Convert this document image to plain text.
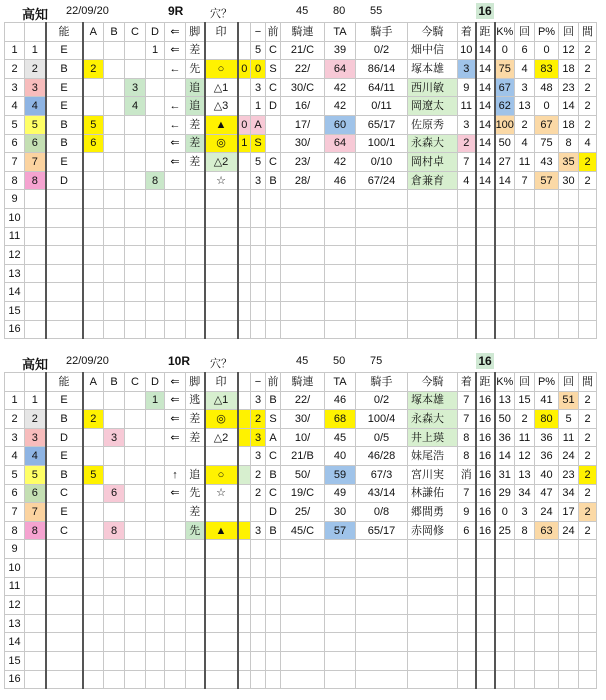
高知 22/09/20	9R 穴？	45 80 55	16
		能	A	B	C	D	⇐	脚	印		−	前	騎連	TA	騎手	今騎	着	距	K%	回	P%	回	間
1	1	E				1	⇐	差			5	C	21/C	39	0/2	畑中信	10	14	0	6	0	12	2
2	2	B	2				←	先	○	0	0	S	22/	64	86/14	塚本雄	3	14	75	4	83	18	2
3	3	E			3			追	△1		3	C	30/C	42	64/11	西川敏	9	14	67	3	48	23	2
4	4	E			4		←	追	△3		1	D	16/	42	0/11	岡遼太	11	14	62	13	0	14	2
5	5	B	5				←	差	▲	0	A		17/	60	65/17	佐原秀	3	14	100	2	67	18	2
6	6	B	6				⇐	差	◎	1	S		30/	64	100/1	永森大	2	14	50	4	75	8	4
7	7	E					⇐	差	△2		5	C	23/	42	0/10	岡村卓	7	14	27	11	43	35	2
8	8	D				8			☆		3	B	28/	46	67/24	倉兼育	4	14	14	7	57	30	2
9																							
10																							
11																							
12																							
13																							
14																							
15																							
16																							
高知 22/09/20	10R 穴？	45 50 75	16
		能	A	B	C	D	⇐	脚	印		−	前	騎連	TA	騎手	今騎	着	距	K%	回	P%	回	間
1	1	E				1	⇐	逃	△1		3	B	22/	46	0/2	塚本雄	7	16	13	15	41	51	2
2	2	B	2				⇐	差	◎		2	S	30/	68	100/4	永森大	7	16	50	2	80	5	2
3	3	D		3			⇐	差	△2		3	A	10/	45	0/5	井上瑛	8	16	36	11	36	11	2
4	4	E									3	C	21/B	40	46/28	妹尾浩	8	16	14	12	36	24	2
5	5	B	5				↑	追	○		2	B	50/	59	67/3	宮川実	消	16	31	13	40	23	2
6	6	C		6			⇐	先	☆		2	C	19/C	49	43/14	林謙佑	7	16	29	34	47	34	2
7	7	E						差				D	25/	30	0/8	郷間勇	9	16	0	3	24	17	2
8	8	C		8				先	▲		3	B	45/C	57	65/17	赤岡修	6	16	25	8	63	24	2
9																							
10																							
11																							
12																							
13																							
14																							
15																							
16																							
